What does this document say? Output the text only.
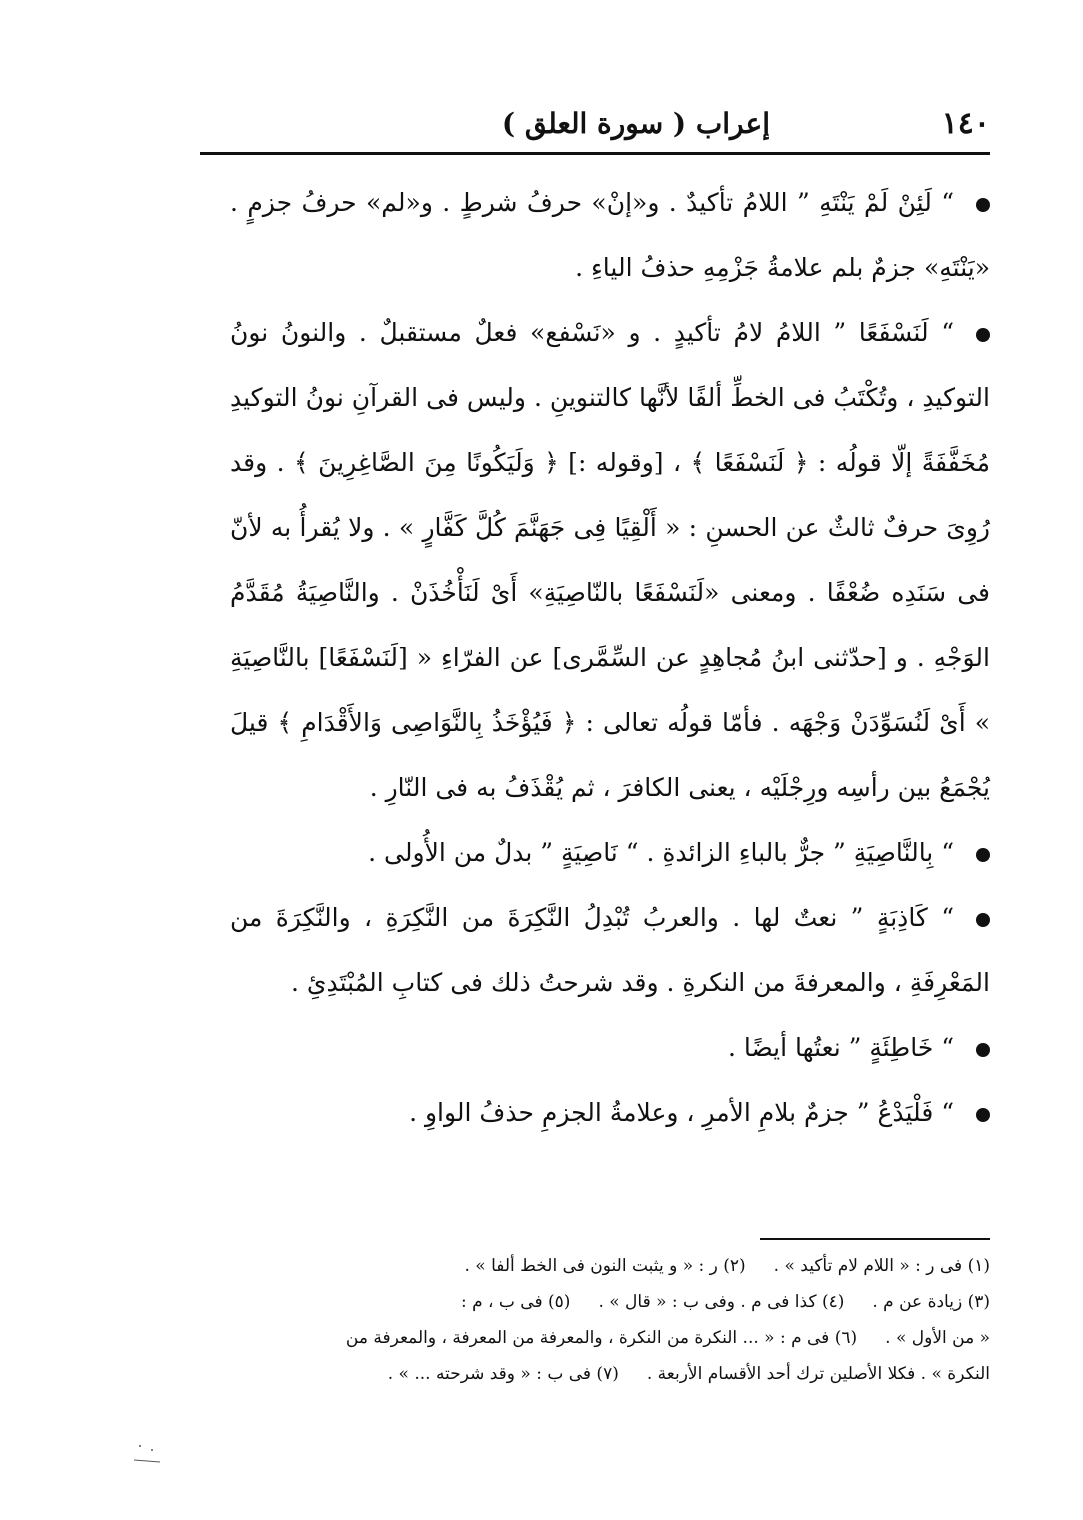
١٤٠
إعراب ( سورة العلق )

“ لَئِنْ لَمْ يَنْتَهِ ” اللامُ تأكيدٌ . و«إنْ» حرفُ شرطٍ . و«لم» حرفُ جزمٍ . «يَنْتَهِ» جزمٌ بلم علامةُ جَزْمِهِ حذفُ الياءِ .

“ لَنَسْفَعًا ” اللامُ لامُ تأكيدٍ . و «نَسْفع» فعلٌ مستقبلٌ . والنونُ نونُ التوكيدِ ، وتُكْتَبُ فى الخطِّ ألفًا لأنَّها كالتنوينِ . وليس فى القرآنِ نونُ التوكيدِ مُخَفَّفَةً إلّا قولُه : ﴿ لَنَسْفَعًا ﴾ ، [وقوله :] ﴿ وَلَيَكُونًا مِنَ الصَّاغِرِينَ ﴾ . وقد رُوِىَ حرفٌ ثالثٌ عن الحسنِ : « أَلْقِيًا فِى جَهَنَّمَ كُلَّ كَفَّارٍ » . ولا يُقرأُ به لأنّ فى سَنَدِه ضُعْفًا . ومعنى «لَنَسْفَعًا بالنّاصِيَةِ» أَىْ لَنَأْخُذَنْ . والنَّاصِيَةُ مُقَدَّمُ الوَجْهِ . و [حدّثنى ابنُ مُجاهِدٍ عن السِّمَّرى] عن الفرّاءِ « [لَنَسْفَعًا] بالنَّاصِيَةِ » أَىْ لَنُسَوِّدَنْ وَجْهَه . فأمّا قولُه تعالى : ﴿ فَيُؤْخَذُ بِالنَّوَاصِى وَالأَقْدَامِ ﴾ قيلَ يُجْمَعُ بين رأسِه ورِجْلَيْه ، يعنى الكافرَ ، ثم يُقْذَفُ به فى النّارِ .

“ بِالنَّاصِيَةِ ” جرٌّ بالباءِ الزائدةِ . “ نَاصِيَةٍ ” بدلٌ من الأُولى .

“ كَاذِبَةٍ ” نعتٌ لها . والعربُ تُبْدِلُ النَّكِرَةَ من النَّكِرَةِ ، والنَّكِرَةَ من المَعْرِفَةِ ، والمعرفةَ من النكرةِ . وقد شرحتُ ذلك فى كتابِ المُبْتَدِئِ .

“ خَاطِئَةٍ ” نعتُها أيضًا .

“ فَلْيَدْعُ ” جزمٌ بلامِ الأمرِ ، وعلامةُ الجزمِ حذفُ الواوِ .

(١) فى ر : « اللام لام تأكيد » .(٢) ر : « و يثبت النون فى الخط ألفا » .
(٣) زيادة عن م .(٤) كذا فى م . وفى ب : « قال » .(٥) فى ب ، م :
« من الأول » .(٦) فى م : « ... النكرة من النكرة ، والمعرفة من المعرفة ، والمعرفة من
النكرة » . فكلا الأصلين ترك أحد الأقسام الأربعة .(٧) فى ب : « وقد شرحته ... » .
